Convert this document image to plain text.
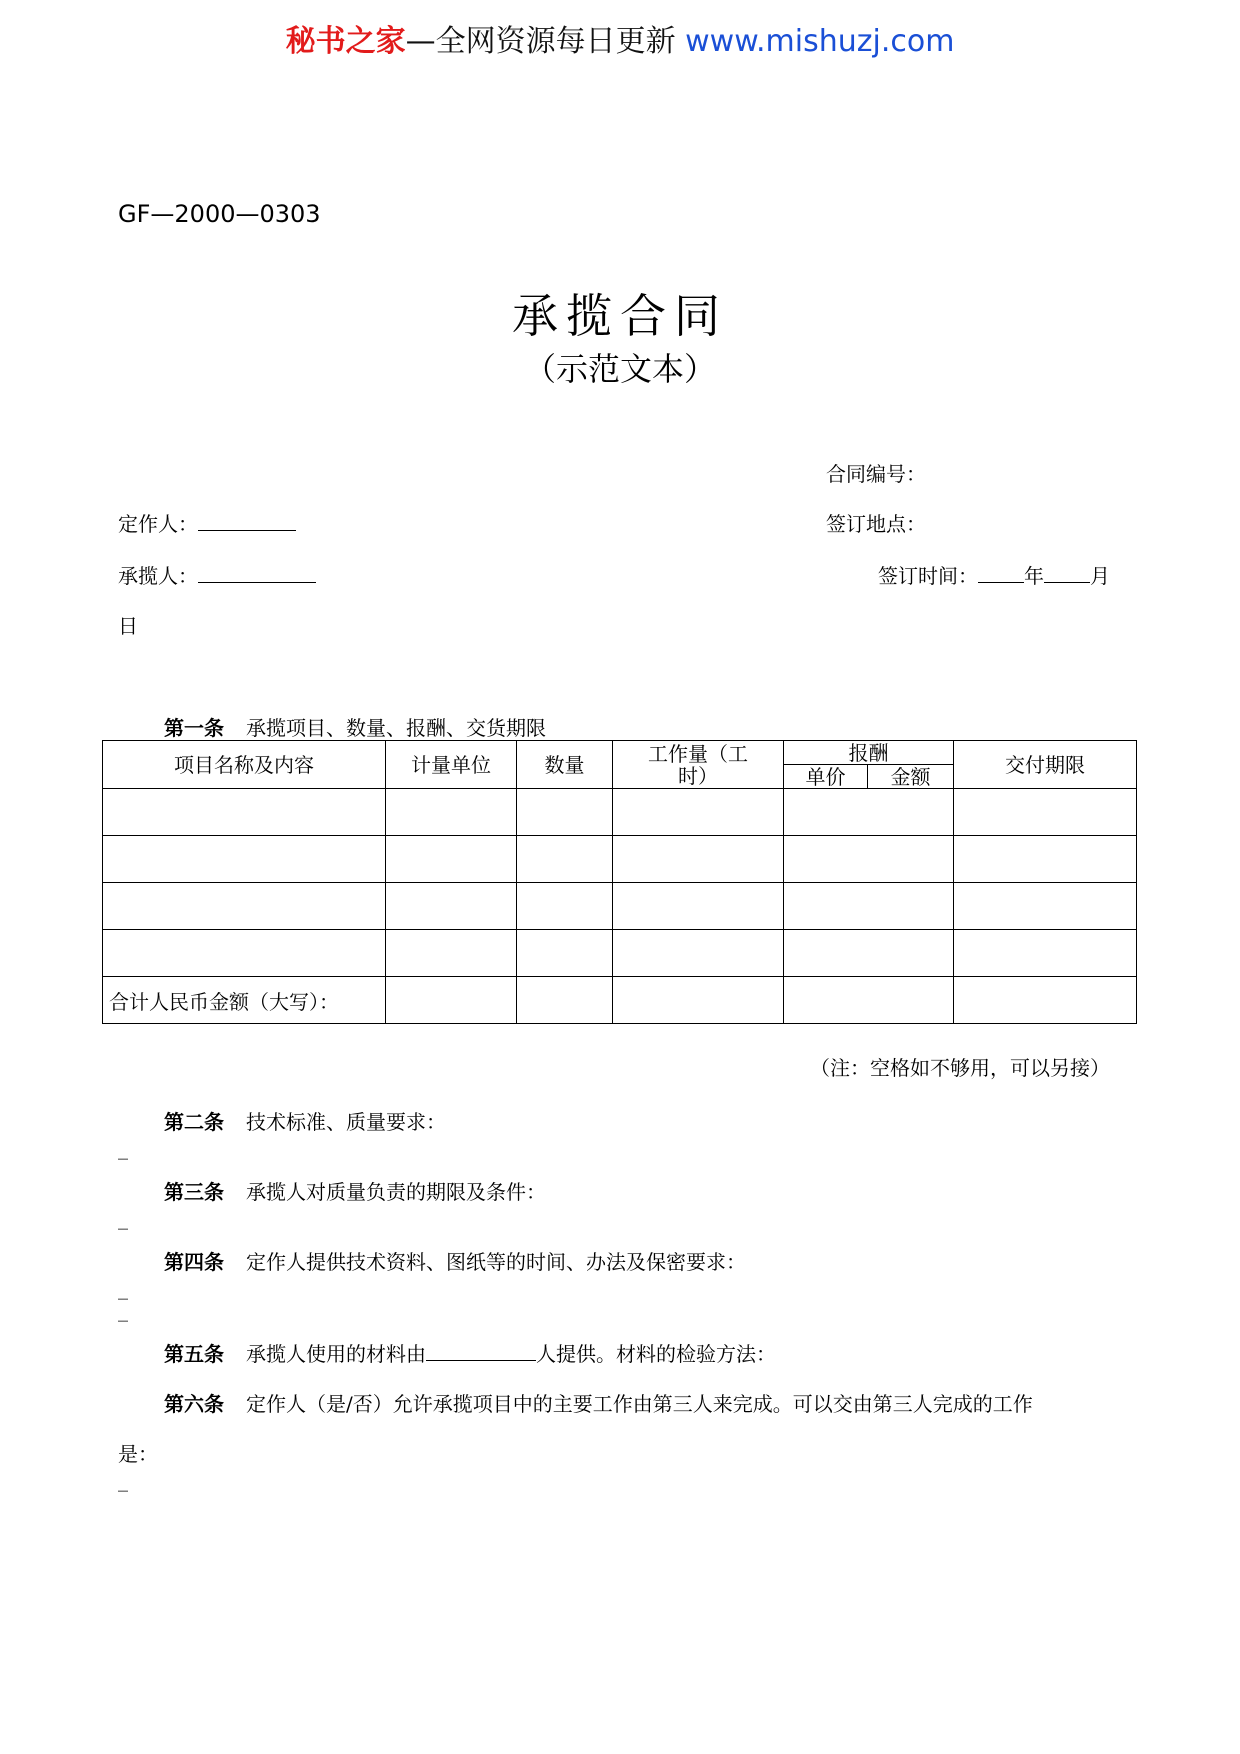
秘书之家—全网资源每日更新 www.mishuzj.com
GF—2000—0303
承揽合同
（示范文本）
合同编号：
定作人：	签订地点：
承揽人：	签订时间： 年 月
日
第一条 承揽项目、数量、报酬、交货期限
项目名称及内容	计量单位	数量	工作量（工时）	报酬		交付期限
				单价	金额	

合计人民币金额（大写）：						
（注：空格如不够用，可以另接）
第二条 技术标准、质量要求：
_
第三条 承揽人对质量负责的期限及条件：
_
第四条 定作人提供技术资料、图纸等的时间、办法及保密要求：
_
_
第五条 承揽人使用的材料由	人提供。材料的检验方法：
第六条 定作人（是/否）允许承揽项目中的主要工作由第三人来完成。可以交由第三人完成的工作
是：
_
